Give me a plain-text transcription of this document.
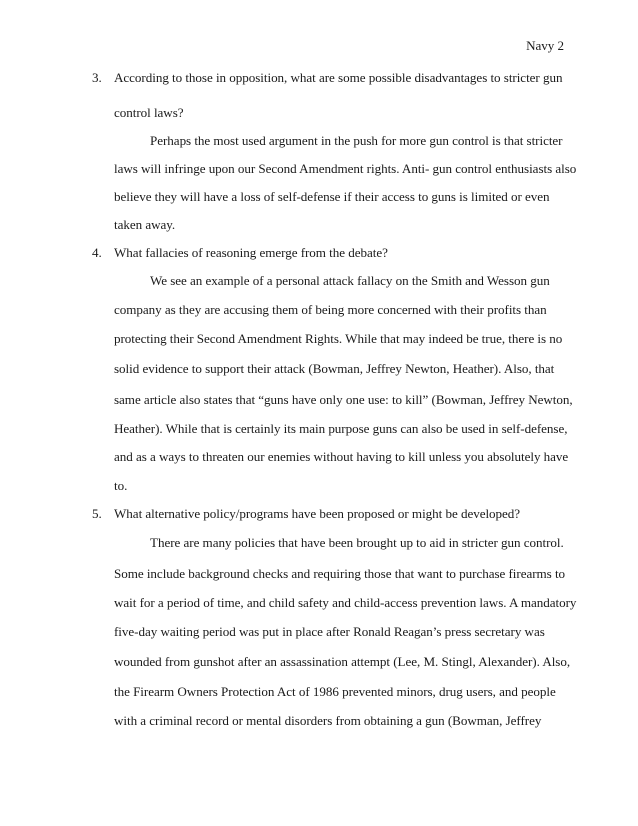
Navy 2
3. According to those in opposition, what are some possible disadvantages to stricter gun
control laws?
Perhaps the most used argument in the push for more gun control is that stricter
laws will infringe upon our Second Amendment rights. Anti- gun control enthusiasts also
believe they will have a loss of self-defense if their access to guns is limited or even
taken away.
4. What fallacies of reasoning emerge from the debate?
We see an example of a personal attack fallacy on the Smith and Wesson gun
company as they are accusing them of being more concerned with their profits than
protecting their Second Amendment Rights. While that may indeed be true, there is no
solid evidence to support their attack (Bowman, Jeffrey Newton, Heather). Also, that
same article also states that “guns have only one use: to kill” (Bowman, Jeffrey Newton,
Heather). While that is certainly its main purpose guns can also be used in self-defense,
and as a ways to threaten our enemies without having to kill unless you absolutely have
to.
5. What alternative policy/programs have been proposed or might be developed?
There are many policies that have been brought up to aid in stricter gun control.
Some include background checks and requiring those that want to purchase firearms to
wait for a period of time, and child safety and child-access prevention laws. A mandatory
five-day waiting period was put in place after Ronald Reagan’s press secretary was
wounded from gunshot after an assassination attempt (Lee, M. Stingl, Alexander). Also,
the Firearm Owners Protection Act of 1986 prevented minors, drug users, and people
with a criminal record or mental disorders from obtaining a gun (Bowman, Jeffrey
